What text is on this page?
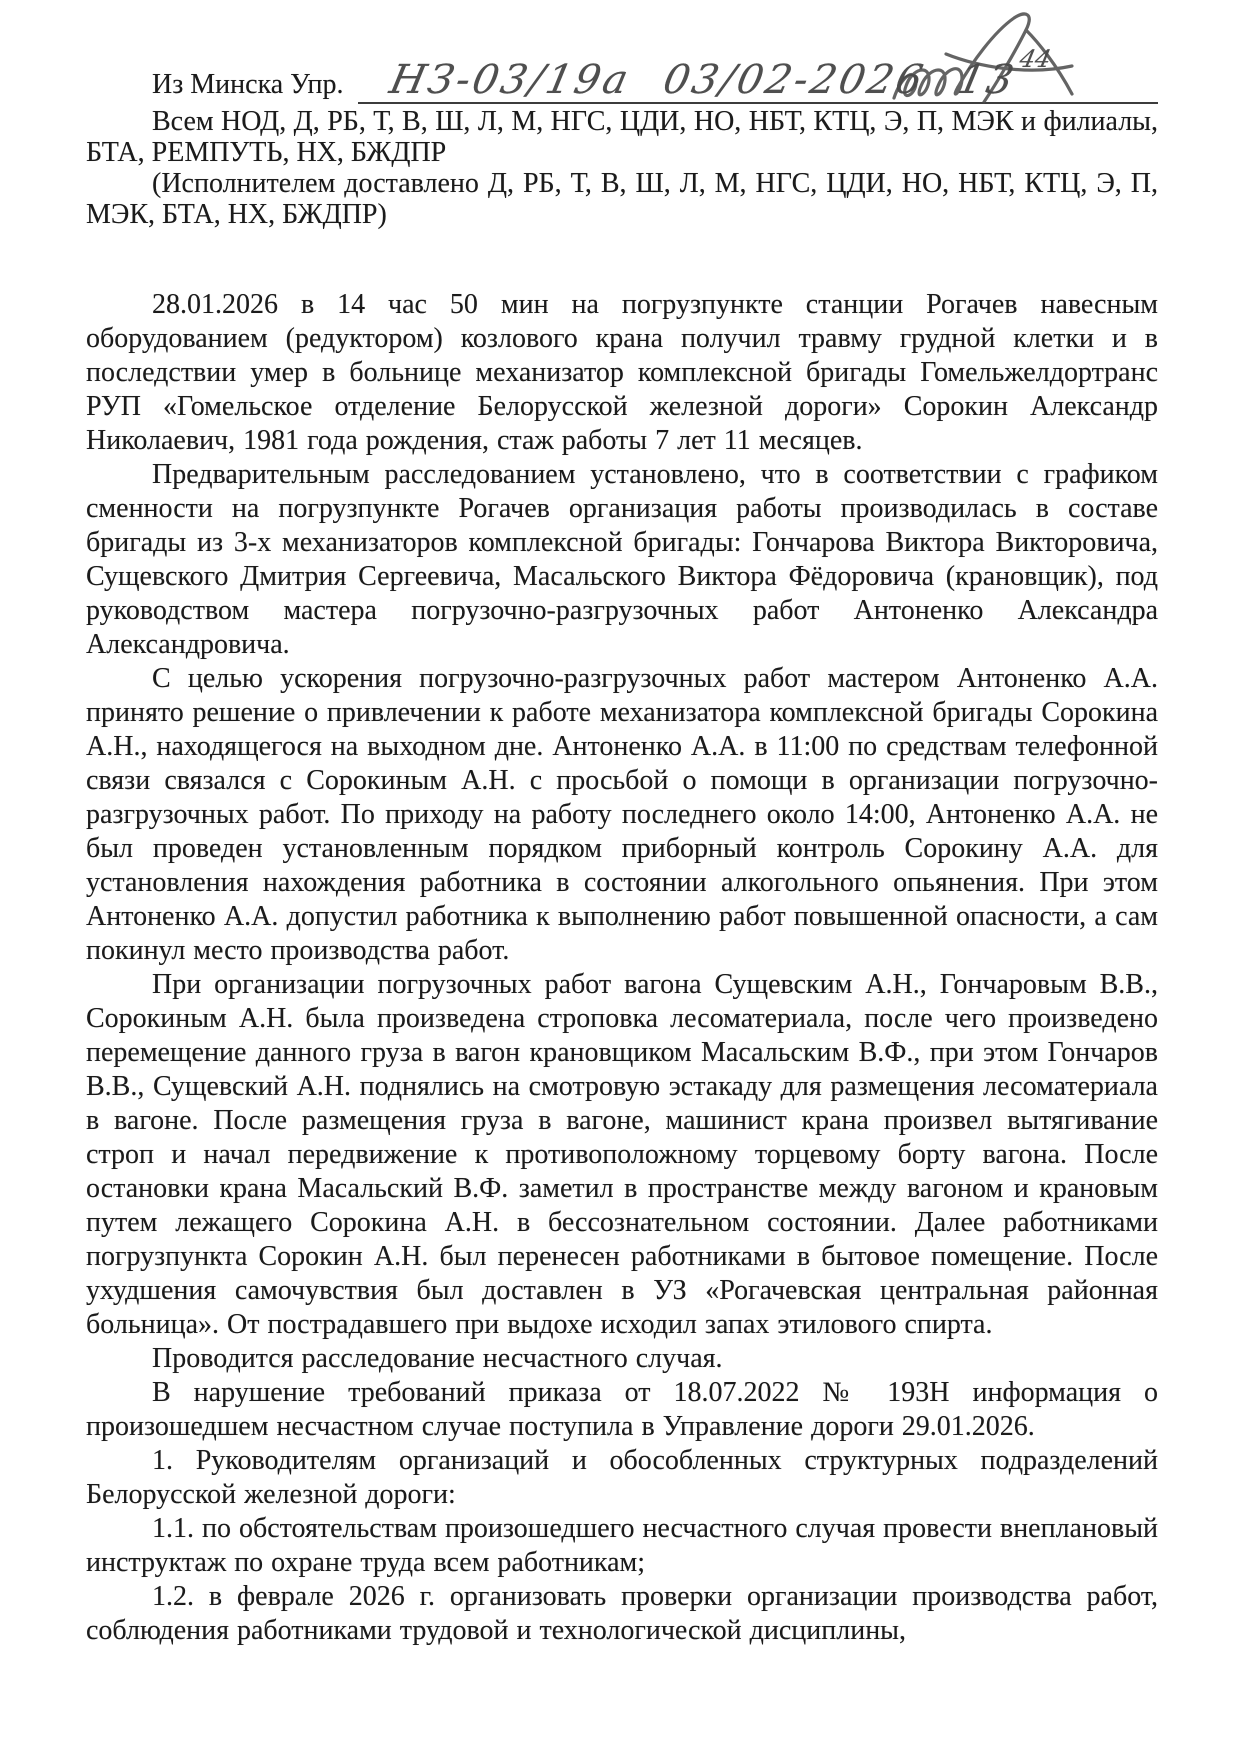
Из Минска Упр.	НЗ-03/19а 03/02-2026 $13^{44}$

Всем НОД, Д, РБ, Т, В, Ш, Л, М, НГС, ЦДИ, НО, НБТ, КТЦ, Э, П, МЭК и филиалы, БТА, РЕМПУТЬ, НХ, БЖДПР

(Исполнителем доставлено Д, РБ, Т, В, Ш, Л, М, НГС, ЦДИ, НО, НБТ, КТЦ, Э, П, МЭК, БТА, НХ, БЖДПР)

28.01.2026 в 14 час 50 мин на погрузпункте станции Рогачев навесным оборудованием (редуктором) козлового крана получил травму грудной клетки и в последствии умер в больнице механизатор комплексной бригады Гомельжелдортранс РУП «Гомельское отделение Белорусской железной дороги» Сорокин Александр Николаевич, 1981 года рождения, стаж работы 7 лет 11 месяцев.

Предварительным расследованием установлено, что в соответствии с графиком сменности на погрузпункте Рогачев организация работы производилась в составе бригады из 3-х механизаторов комплексной бригады: Гончарова Виктора Викторовича, Сущевского Дмитрия Сергеевича, Масальского Виктора Фёдоровича (крановщик), под руководством мастера погрузочно-разгрузочных работ Антоненко Александра Александровича.

С целью ускорения погрузочно-разгрузочных работ мастером Антоненко А.А. принято решение о привлечении к работе механизатора комплексной бригады Сорокина А.Н., находящегося на выходном дне. Антоненко А.А. в 11:00 по средствам телефонной связи связался с Сорокиным А.Н. с просьбой о помощи в организации погрузочно-разгрузочных работ. По приходу на работу последнего около 14:00, Антоненко А.А. не был проведен установленным порядком приборный контроль Сорокину А.А. для установления нахождения работника в состоянии алкогольного опьянения. При этом Антоненко А.А. допустил работника к выполнению работ повышенной опасности, а сам покинул место производства работ.

При организации погрузочных работ вагона Сущевским А.Н., Гончаровым В.В., Сорокиным А.Н. была произведена строповка лесоматериала, после чего произведено перемещение данного груза в вагон крановщиком Масальским В.Ф., при этом Гончаров В.В., Сущевский А.Н. поднялись на смотровую эстакаду для размещения лесоматериала в вагоне. После размещения груза в вагоне, машинист крана произвел вытягивание строп и начал передвижение к противоположному торцевому борту вагона. После остановки крана Масальский В.Ф. заметил в пространстве между вагоном и крановым путем лежащего Сорокина А.Н. в бессознательном состоянии. Далее работниками погрузпункта Сорокин А.Н. был перенесен работниками в бытовое помещение. После ухудшения самочувствия был доставлен в УЗ «Рогачевская центральная районная больница». От пострадавшего при выдохе исходил запах этилового спирта.

Проводится расследование несчастного случая.

В нарушение требований приказа от 18.07.2022 № 193Н информация о произошедшем несчастном случае поступила в Управление дороги 29.01.2026.

1. Руководителям организаций и обособленных структурных подразделений Белорусской железной дороги:

1.1. по обстоятельствам произошедшего несчастного случая провести внеплановый инструктаж по охране труда всем работникам;

1.2. в феврале 2026 г. организовать проверки организации производства работ, соблюдения работниками трудовой и технологической дисциплины,
